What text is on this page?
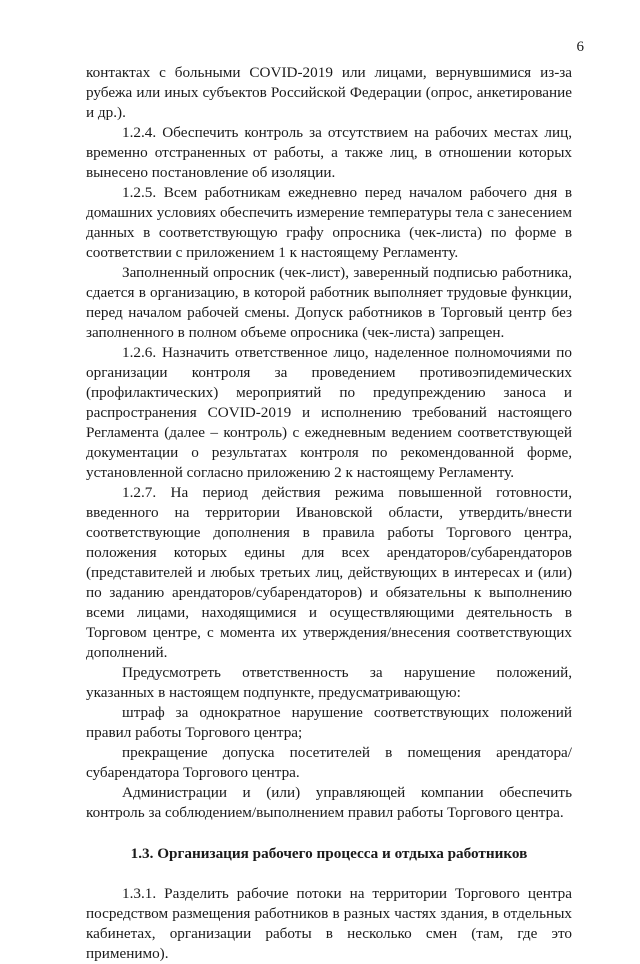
6

контактах с больными COVID-2019 или лицами, вернувшимися из-за рубежа или иных субъектов Российской Федерации (опрос, анкетирование и др.).

1.2.4. Обеспечить контроль за отсутствием на рабочих местах лиц, временно отстраненных от работы, а также лиц, в отношении которых вынесено постановление об изоляции.

1.2.5. Всем работникам ежедневно перед началом рабочего дня в домашних условиях обеспечить измерение температуры тела с занесением данных в соответствующую графу опросника (чек-листа) по форме в соответствии с приложением 1 к настоящему Регламенту.

Заполненный опросник (чек-лист), заверенный подписью работника, сдается в организацию, в которой работник выполняет трудовые функции, перед началом рабочей смены. Допуск работников в Торговый центр без заполненного в полном объеме опросника (чек-листа) запрещен.

1.2.6. Назначить ответственное лицо, наделенное полномочиями по организации контроля за проведением противоэпидемических (профилактических) мероприятий по предупреждению заноса и распространения COVID-2019 и исполнению требований настоящего Регламента (далее – контроль) с ежедневным ведением соответствующей документации о результатах контроля по рекомендованной форме, установленной согласно приложению 2 к настоящему Регламенту.

1.2.7. На период действия режима повышенной готовности, введенного на территории Ивановской области, утвердить/внести соответствующие дополнения в правила работы Торгового центра, положения которых едины для всех арендаторов/субарендаторов (представителей и любых третьих лиц, действующих в интересах и (или) по заданию арендаторов/субарендаторов) и обязательны к выполнению всеми лицами, находящимися и осуществляющими деятельность в Торговом центре, с момента их утверждения/внесения соответствующих дополнений.

Предусмотреть ответственность за нарушение положений, указанных в настоящем подпункте, предусматривающую:

штраф за однократное нарушение соответствующих положений правил работы Торгового центра;

прекращение допуска посетителей в помещения арендатора/субарендатора Торгового центра.

Администрации и (или) управляющей компании обеспечить контроль за соблюдением/выполнением правил работы Торгового центра.

1.3. Организация рабочего процесса и отдыха работников

1.3.1. Разделить рабочие потоки на территории Торгового центра посредством размещения работников в разных частях здания, в отдельных кабинетах, организации работы в несколько смен (там, где это применимо).
